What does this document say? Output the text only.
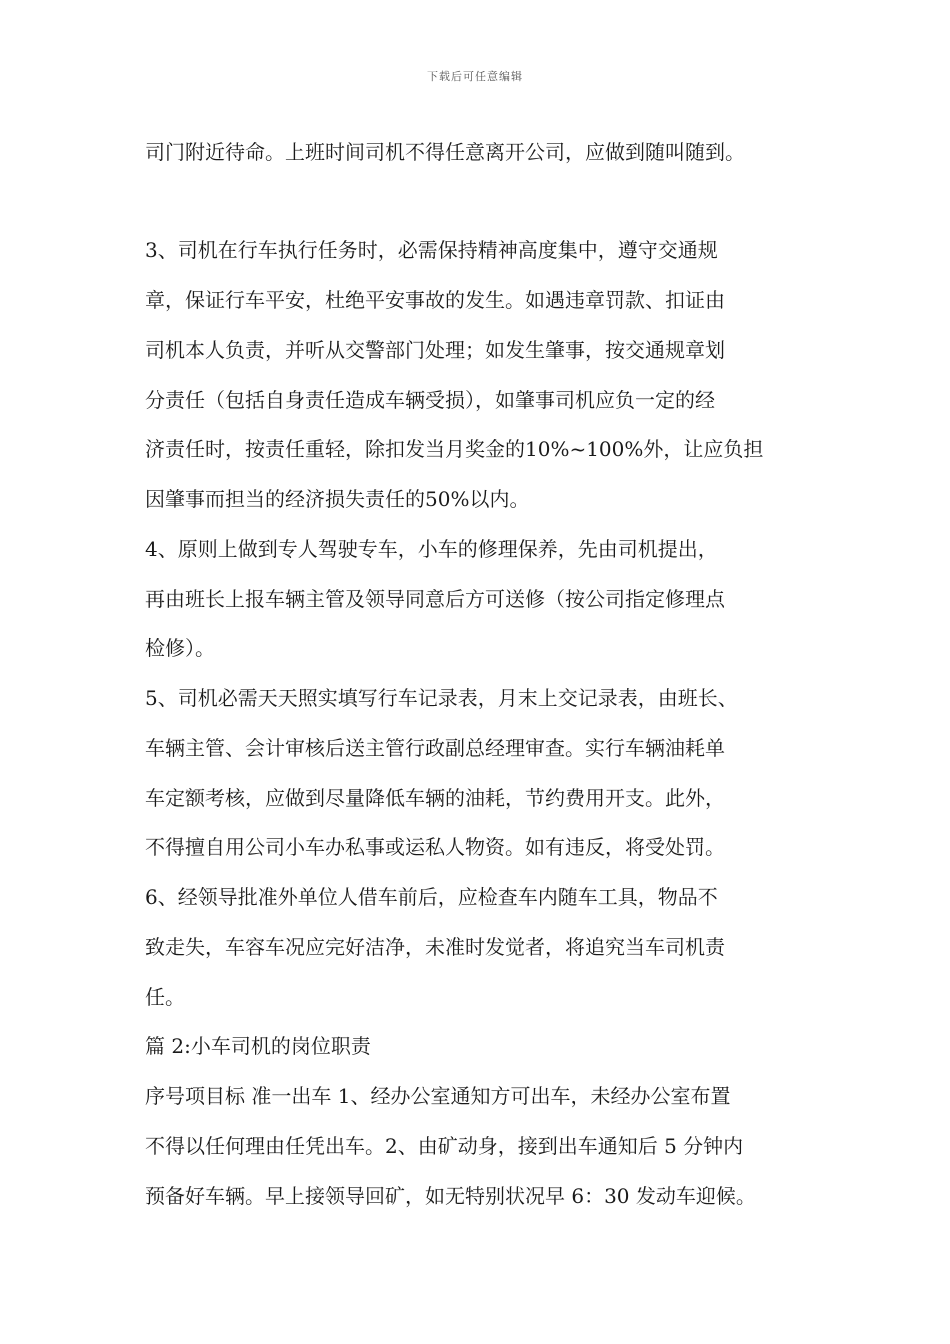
下载后可任意编辑
司门附近待命。上班时间司机不得任意离开公司，应做到随叫随到。
3、司机在行车执行任务时，必需保持精神高度集中，遵守交通规
章，保证行车平安，杜绝平安事故的发生。如遇违章罚款、扣证由
司机本人负责，并听从交警部门处理；如发生肇事，按交通规章划
分责任（包括自身责任造成车辆受损），如肇事司机应负一定的经
济责任时，按责任重轻，除扣发当月奖金的10%~100%外，让应负担
因肇事而担当的经济损失责任的50%以内。
4、原则上做到专人驾驶专车，小车的修理保养，先由司机提出，
再由班长上报车辆主管及领导同意后方可送修（按公司指定修理点
检修）。
5、司机必需天天照实填写行车记录表，月末上交记录表，由班长、
车辆主管、会计审核后送主管行政副总经理审查。实行车辆油耗单
车定额考核，应做到尽量降低车辆的油耗，节约费用开支。此外，
不得擅自用公司小车办私事或运私人物资。如有违反，将受处罚。
6、经领导批准外单位人借车前后，应检查车内随车工具，物品不
致走失，车容车况应完好洁净，未准时发觉者，将追究当车司机责
任。
篇 2:小车司机的岗位职责
序号项目标 准一出车 1、经办公室通知方可出车，未经办公室布置
不得以任何理由任凭出车。2、由矿动身，接到出车通知后 5 分钟内
预备好车辆。早上接领导回矿，如无特别状况早 6：30 发动车迎候。
